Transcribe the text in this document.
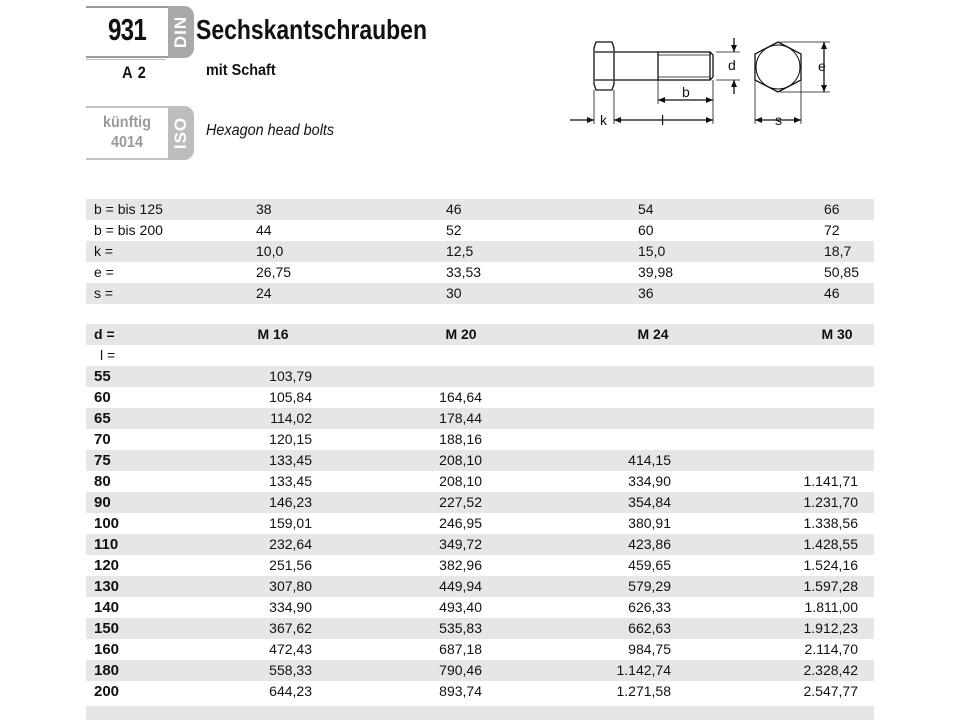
931	DIN
A 2
künftig
4014	ISO
Sechskantschrauben
mit Schaft
Hexagon head bolts
d
b
k	l
e
s
b = bis 125	38	46	54	66
b = bis 200	44	52	60	72
k =	10,0	12,5	15,0	18,7
e =	26,75	33,53	39,98	50,85
s =	24	30	36	46
d =	M 16	M 20	M 24	M 30
l =
55	103,79
60	105,84	164,64
65	114,02	178,44
70	120,15	188,16
75	133,45	208,10	414,15
80	133,45	208,10	334,90	1.141,71
90	146,23	227,52	354,84	1.231,70
100	159,01	246,95	380,91	1.338,56
110	232,64	349,72	423,86	1.428,55
120	251,56	382,96	459,65	1.524,16
130	307,80	449,94	579,29	1.597,28
140	334,90	493,40	626,33	1.811,00
150	367,62	535,83	662,63	1.912,23
160	472,43	687,18	984,75	2.114,70
180	558,33	790,46	1.142,74	2.328,42
200	644,23	893,74	1.271,58	2.547,77
